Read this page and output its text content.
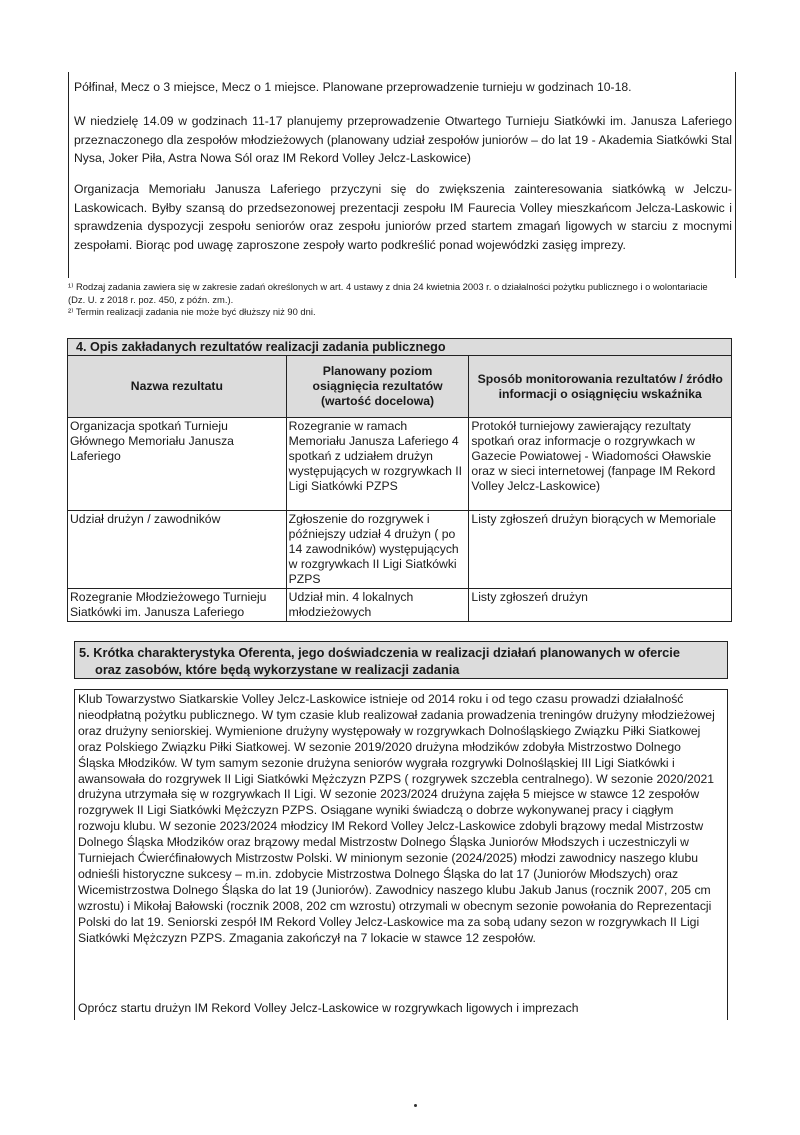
Półfinał, Mecz o 3 miejsce, Mecz o 1 miejsce. Planowane przeprowadzenie turnieju w godzinach 10-18.

W niedzielę 14.09 w godzinach 11-17 planujemy przeprowadzenie Otwartego Turnieju Siatkówki im. Janusza Laferiego przeznaczonego dla zespołów młodzieżowych (planowany udział zespołów juniorów – do lat 19 - Akademia Siatkówki Stal Nysa, Joker Piła, Astra Nowa Sól oraz IM Rekord Volley Jelcz-Laskowice)

Organizacja Memoriału Janusza Laferiego przyczyni się do zwiększenia zainteresowania siatkówką w Jelczu-Laskowicach. Byłby szansą do przedsezonowej prezentacji zespołu IM Faurecia Volley mieszkańcom Jelcza-Laskowic i sprawdzenia dyspozycji zespołu seniorów oraz zespołu juniorów przed startem zmagań ligowych w starciu z mocnymi zespołami. Biorąc pod uwagę zaproszone zespoły warto podkreślić ponad wojewódzki zasięg imprezy.

¹⁾ Rodzaj zadania zawiera się w zakresie zadań określonych w art. 4 ustawy z dnia 24 kwietnia 2003 r. o działalności pożytku publicznego i o wolontariacie (Dz. U. z 2018 r. poz. 450, z późn. zm.).
²⁾ Termin realizacji zadania nie może być dłuższy niż 90 dni.
4. Opis zakładanych rezultatów realizacji zadania publicznego		
Nazwa rezultatu	Planowany poziom osiągnięcia rezultatów (wartość docelowa)	Sposób monitorowania rezultatów / źródło informacji o osiągnięciu wskaźnika
Organizacja spotkań Turnieju Głównego Memoriału Janusza Laferiego	Rozegranie w ramach Memoriału Janusza Laferiego 4 spotkań z udziałem drużyn występujących w rozgrywkach II Ligi Siatkówki PZPS	Protokół turniejowy zawierający rezultaty spotkań oraz informacje o rozgrywkach w Gazecie Powiatowej - Wiadomości Oławskie oraz w sieci internetowej (fanpage IM Rekord Volley Jelcz-Laskowice)
Udział drużyn / zawodników	Zgłoszenie do rozgrywek i późniejszy udział 4 drużyn ( po 14 zawodników) występujących w rozgrywkach II Ligi Siatkówki PZPS	Listy zgłoszeń drużyn biorących w Memoriale
Rozegranie Młodzieżowego Turnieju Siatkówki im. Janusza Laferiego	Udział min. 4 lokalnych młodzieżowych	Listy zgłoszeń drużyn
5. Krótka charakterystyka Oferenta, jego doświadczenia w realizacji działań planowanych w ofercie
oraz zasobów, które będą wykorzystane w realizacji zadania

Klub Towarzystwo Siatkarskie Volley Jelcz-Laskowice istnieje od 2014 roku i od tego czasu prowadzi działalność nieodpłatną pożytku publicznego. W tym czasie klub realizował zadania prowadzenia treningów drużyny młodzieżowej oraz drużyny seniorskiej. Wymienione drużyny występowały w rozgrywkach Dolnośląskiego Związku Piłki Siatkowej oraz Polskiego Związku Piłki Siatkowej. W sezonie 2019/2020 drużyna młodzików zdobyła Mistrzostwo Dolnego Śląska Młodzików. W tym samym sezonie drużyna seniorów wygrała rozgrywki Dolnośląskiej III Ligi Siatkówki i awansowała do rozgrywek II Ligi Siatkówki Mężczyzn PZPS ( rozgrywek szczebla centralnego). W sezonie 2020/2021 drużyna utrzymała się w rozgrywkach II Ligi. W sezonie 2023/2024 drużyna zajęła 5 miejsce w stawce 12 zespołów rozgrywek II Ligi Siatkówki Mężczyzn PZPS. Osiągane wyniki świadczą o dobrze wykonywanej pracy i ciągłym rozwoju klubu. W sezonie 2023/2024 młodzicy IM Rekord Volley Jelcz-Laskowice zdobyli brązowy medal Mistrzostw Dolnego Śląska Młodzików oraz brązowy medal Mistrzostw Dolnego Śląska Juniorów Młodszych i uczestniczyli w Turniejach Ćwierćfinałowych Mistrzostw Polski. W minionym sezonie (2024/2025) młodzi zawodnicy naszego klubu odnieśli historyczne sukcesy – m.in. zdobycie Mistrzostwa Dolnego Śląska do lat 17 (Juniorów Młodszych) oraz Wicemistrzostwa Dolnego Śląska do lat 19 (Juniorów). Zawodnicy naszego klubu Jakub Janus (rocznik 2007, 205 cm wzrostu) i Mikołaj Bałowski (rocznik 2008, 202 cm wzrostu) otrzymali w obecnym sezonie powołania do Reprezentacji Polski do lat 19. Seniorski zespół IM Rekord Volley Jelcz-Laskowice ma za sobą udany sezon w rozgrywkach II Ligi Siatkówki Mężczyzn PZPS. Zmagania zakończył na 7 lokacie w stawce 12 zespołów.

Oprócz startu drużyn IM Rekord Volley Jelcz-Laskowice w rozgrywkach ligowych i imprezach
